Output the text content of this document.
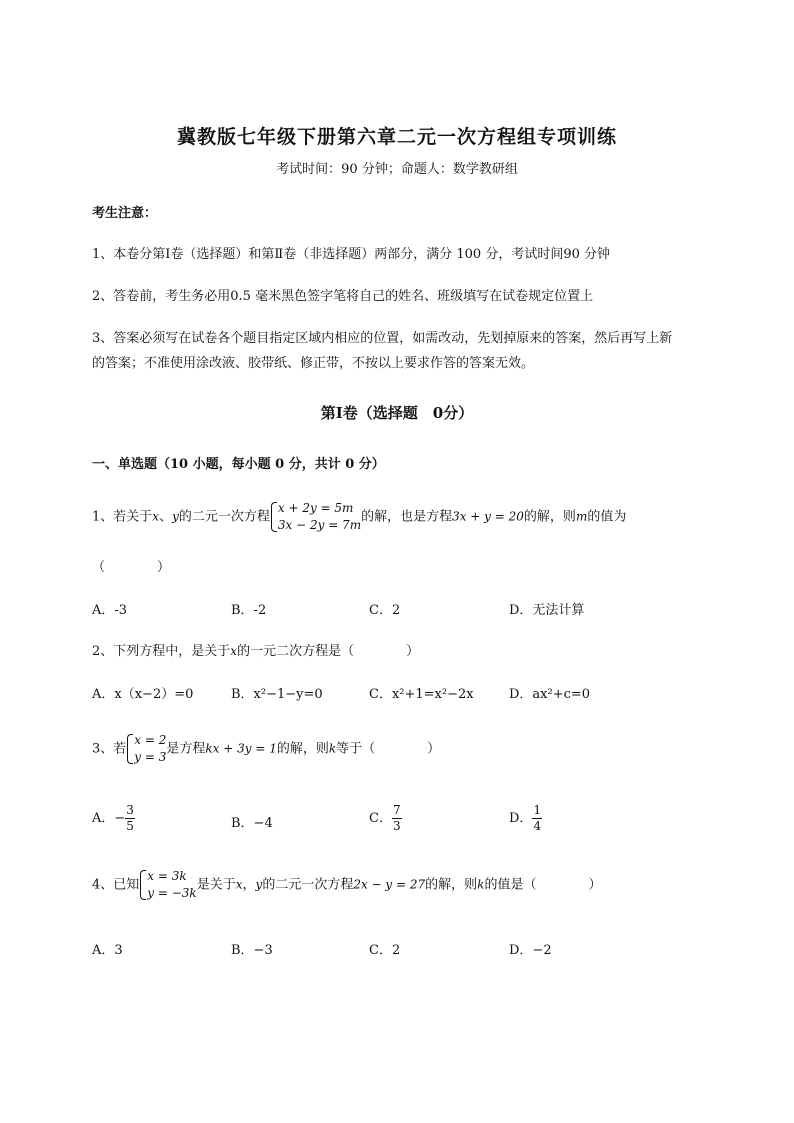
冀教版七年级下册第六章二元一次方程组专项训练
考试时间：90 分钟；命题人：数学教研组
考生注意：
1、本卷分第Ⅰ卷（选择题）和第Ⅱ卷（非选择题）两部分，满分 100 分，考试时间90 分钟
2、答卷前，考生务必用0.5 毫米黑色签字笔将自己的姓名、班级填写在试卷规定位置上
3、答案必须写在试卷各个题目指定区域内相应的位置，如需改动，先划掉原来的答案，然后再写上新
的答案；不准使用涂改液、胶带纸、修正带，不按以上要求作答的答案无效。
第Ⅰ卷（选择题　0分）
一、单选题（10 小题，每小题 0 分，共计 0 分）
1、若关于x、y的二元一次方程
x + 2y = 5m
3x − 2y = 7m
的解，也是方程3x + y = 20的解，则m的值为
（　　　　）
A．-3	B．-2	C．2	D．无法计算
2、下列方程中，是关于x的一元二次方程是（　　　　）
A．x（x−2）=0	B．x²−1−y=0	C．x²+1=x²−2x	D．ax²+c=0
3、若
x = 2
y = 3
是方程kx + 3y = 1的解，则k等于（　　　　）
A．− $\frac{3}{5}$	B．−4	C． $\frac{7}{3}$	D． $\frac{1}{4}$
4、已知
x = 3k
y = −3k
是关于x，y的二元一次方程2x − y = 27的解，则k的值是（　　　　）
A．3	B．−3	C．2	D．−2
